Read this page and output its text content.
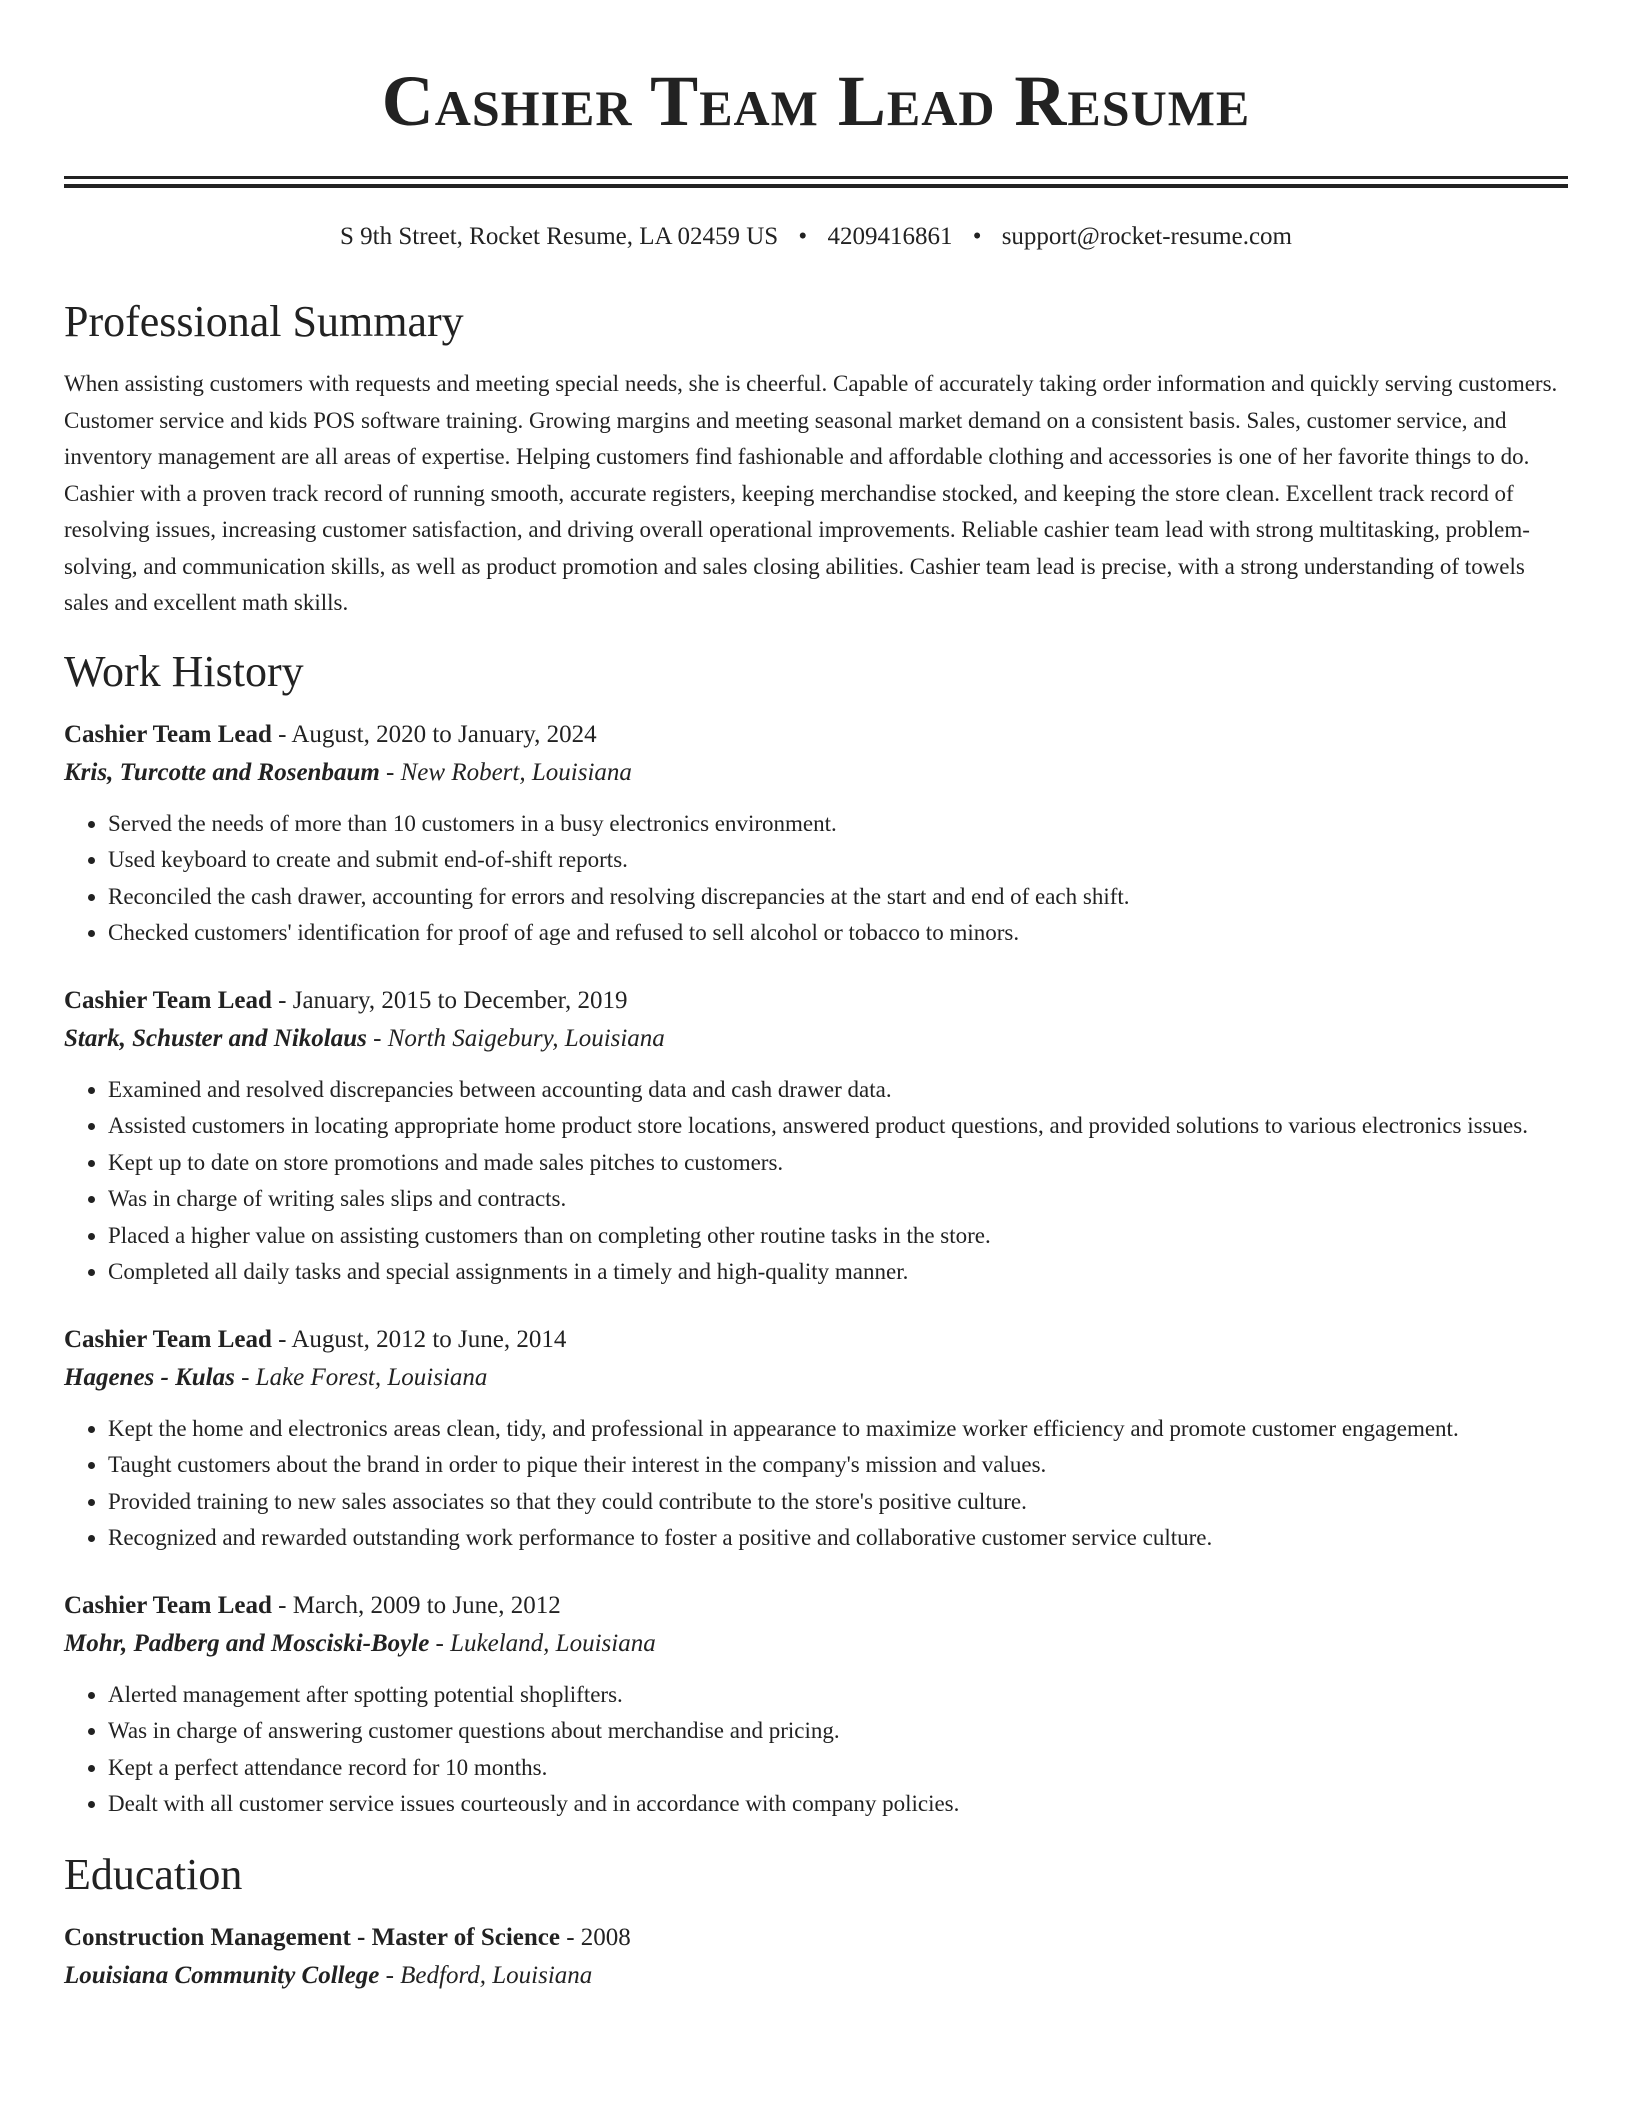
Cashier Team Lead Resume
S 9th Street, Rocket Resume, LA 02459 US • 4209416861 • support@rocket-resume.com
Professional Summary
When assisting customers with requests and meeting special needs, she is cheerful. Capable of accurately taking order information and quickly serving customers. Customer service and kids POS software training. Growing margins and meeting seasonal market demand on a consistent basis. Sales, customer service, and inventory management are all areas of expertise. Helping customers find fashionable and affordable clothing and accessories is one of her favorite things to do. Cashier with a proven track record of running smooth, accurate registers, keeping merchandise stocked, and keeping the store clean. Excellent track record of resolving issues, increasing customer satisfaction, and driving overall operational improvements. Reliable cashier team lead with strong multitasking, problem-solving, and communication skills, as well as product promotion and sales closing abilities. Cashier team lead is precise, with a strong understanding of towels sales and excellent math skills.
Work History
Cashier Team Lead - August, 2020 to January, 2024
Kris, Turcotte and Rosenbaum - New Robert, Louisiana
• Served the needs of more than 10 customers in a busy electronics environment.
• Used keyboard to create and submit end-of-shift reports.
• Reconciled the cash drawer, accounting for errors and resolving discrepancies at the start and end of each shift.
• Checked customers' identification for proof of age and refused to sell alcohol or tobacco to minors.
Cashier Team Lead - January, 2015 to December, 2019
Stark, Schuster and Nikolaus - North Saigebury, Louisiana
• Examined and resolved discrepancies between accounting data and cash drawer data.
• Assisted customers in locating appropriate home product store locations, answered product questions, and provided solutions to various electronics issues.
• Kept up to date on store promotions and made sales pitches to customers.
• Was in charge of writing sales slips and contracts.
• Placed a higher value on assisting customers than on completing other routine tasks in the store.
• Completed all daily tasks and special assignments in a timely and high-quality manner.
Cashier Team Lead - August, 2012 to June, 2014
Hagenes - Kulas - Lake Forest, Louisiana
• Kept the home and electronics areas clean, tidy, and professional in appearance to maximize worker efficiency and promote customer engagement.
• Taught customers about the brand in order to pique their interest in the company's mission and values.
• Provided training to new sales associates so that they could contribute to the store's positive culture.
• Recognized and rewarded outstanding work performance to foster a positive and collaborative customer service culture.
Cashier Team Lead - March, 2009 to June, 2012
Mohr, Padberg and Mosciski-Boyle - Lukeland, Louisiana
• Alerted management after spotting potential shoplifters.
• Was in charge of answering customer questions about merchandise and pricing.
• Kept a perfect attendance record for 10 months.
• Dealt with all customer service issues courteously and in accordance with company policies.
Education
Construction Management - Master of Science - 2008
Louisiana Community College - Bedford, Louisiana
